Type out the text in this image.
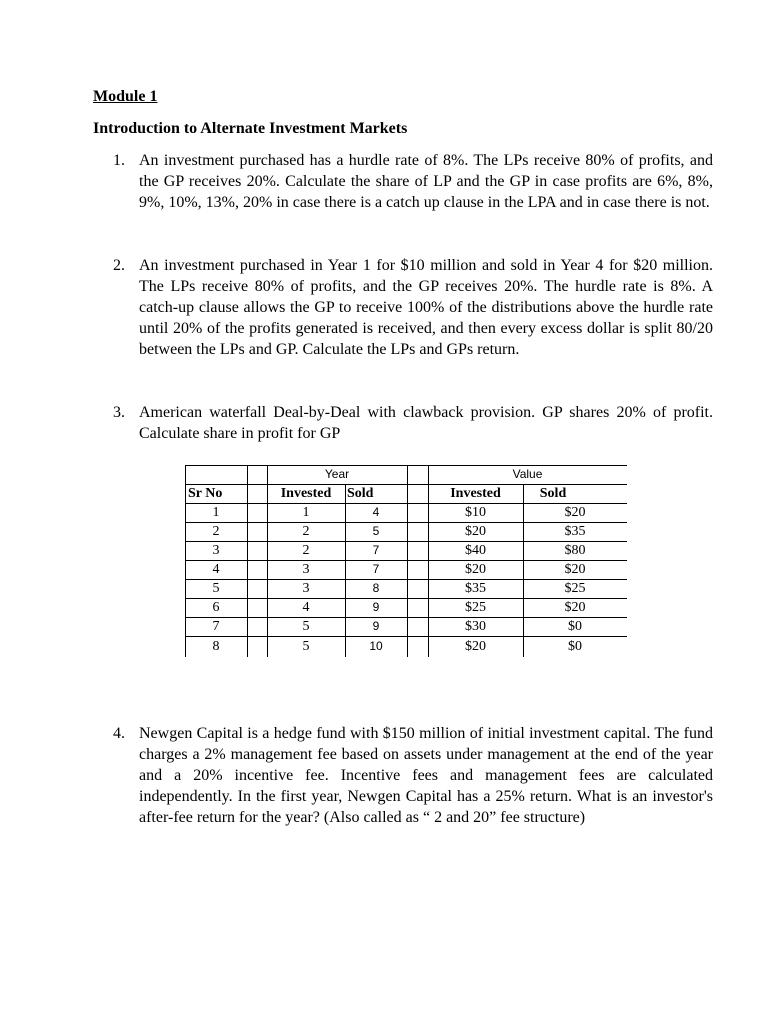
Module 1
Introduction to Alternate Investment Markets
1. An investment purchased has a hurdle rate of 8%. The LPs receive 80% of profits, and the GP receives 20%. Calculate the share of LP and the GP in case profits are 6%, 8%, 9%, 10%, 13%, 20% in case there is a catch up clause in the LPA and in case there is not.
2. An investment purchased in Year 1 for $10 million and sold in Year 4 for $20 million. The LPs receive 80% of profits, and the GP receives 20%. The hurdle rate is 8%. A catch-up clause allows the GP to receive 100% of the distributions above the hurdle rate until 20% of the profits generated is received, and then every excess dollar is split 80/20 between the LPs and GP. Calculate the LPs and GPs return.
3. American waterfall Deal-by-Deal with clawback provision. GP shares 20% of profit. Calculate share in profit for GP
Year	Value
Sr No	Invested	Sold	Invested	Sold
1	1	4	$10	$20
2	2	5	$20	$35
3	2	7	$40	$80
4	3	7	$20	$20
5	3	8	$35	$25
6	4	9	$25	$20
7	5	9	$30	$0
8	5	10	$20	$0
4. Newgen Capital is a hedge fund with $150 million of initial investment capital. The fund charges a 2% management fee based on assets under management at the end of the year and a 20% incentive fee. Incentive fees and management fees are calculated independently. In the first year, Newgen Capital has a 25% return. What is an investor's after-fee return for the year? (Also called as “ 2 and 20” fee structure)
